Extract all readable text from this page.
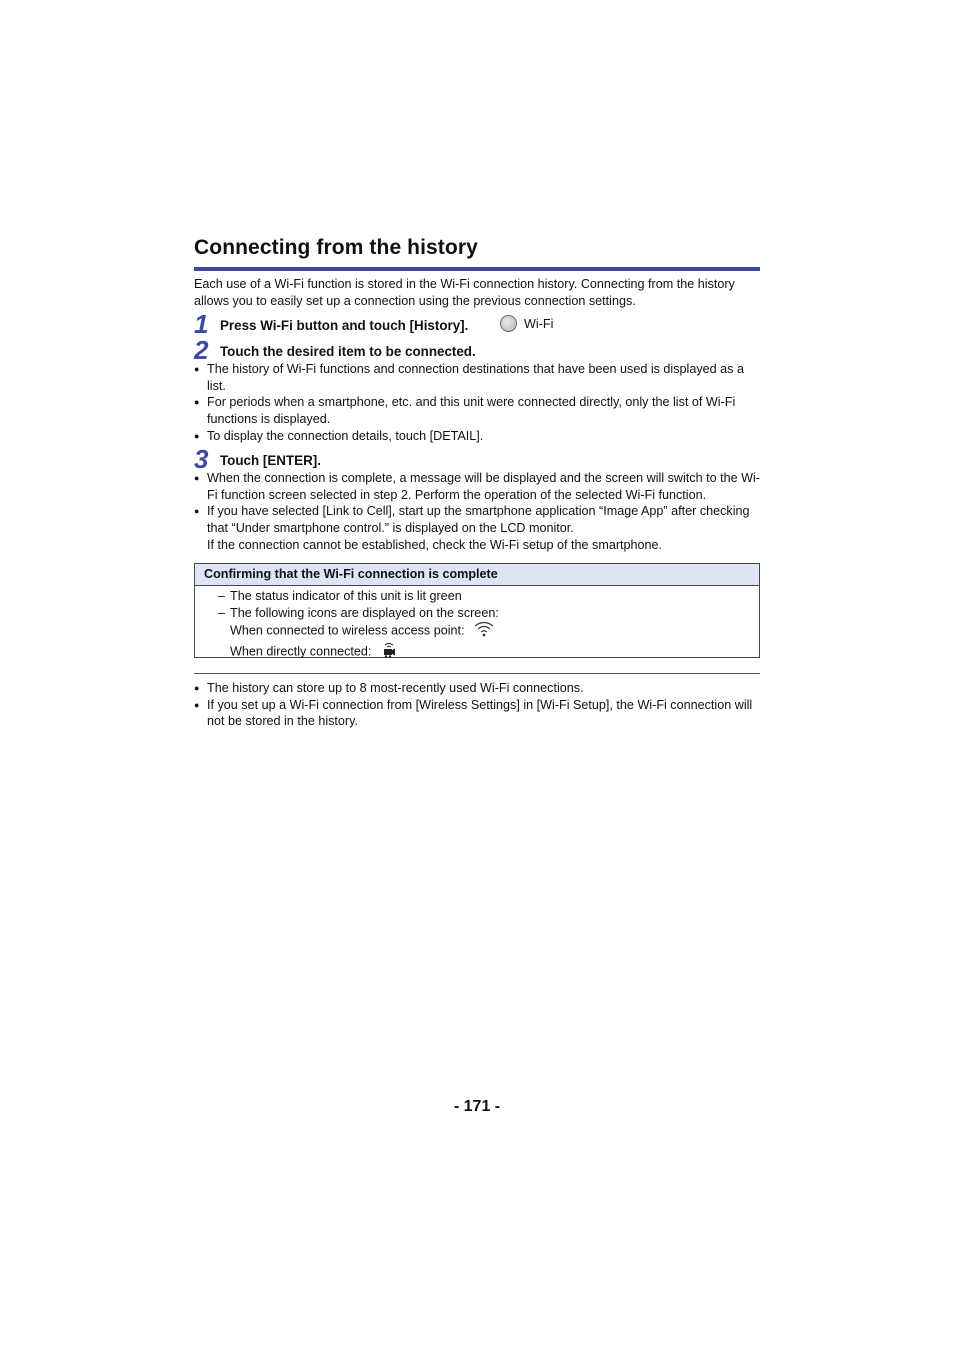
Connecting from the history

Each use of a Wi-Fi function is stored in the Wi-Fi connection history. Connecting from the history allows you to easily set up a connection using the previous connection settings.

1 Press Wi-Fi button and touch [History].	Wi-Fi
2 Touch the desired item to be connected.
● The history of Wi-Fi functions and connection destinations that have been used is displayed as a list.
● For periods when a smartphone, etc. and this unit were connected directly, only the list of Wi-Fi functions is displayed.
● To display the connection details, touch [DETAIL].
3 Touch [ENTER].
● When the connection is complete, a message will be displayed and the screen will switch to the Wi-Fi function screen selected in step 2. Perform the operation of the selected Wi-Fi function.
● If you have selected [Link to Cell], start up the smartphone application “Image App” after checking that “Under smartphone control.” is displayed on the LCD monitor.
If the connection cannot be established, check the Wi-Fi setup of the smartphone.
Confirming that the Wi-Fi connection is complete
– The status indicator of this unit is lit green
– The following icons are displayed on the screen:
When connected to wireless access point:
When directly connected:
● The history can store up to 8 most-recently used Wi-Fi connections.
● If you set up a Wi-Fi connection from [Wireless Settings] in [Wi-Fi Setup], the Wi-Fi connection will not be stored in the history.
- 171 -
